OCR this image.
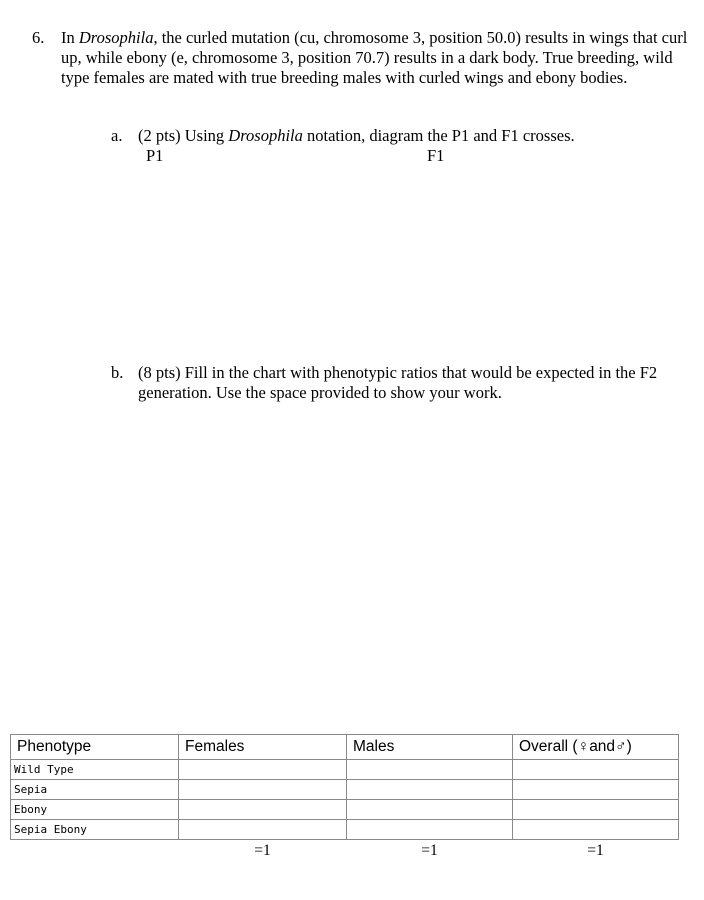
6. In Drosophila, the curled mutation (cu, chromosome 3, position 50.0) results in wings that curl up, while ebony (e, chromosome 3, position 70.7) results in a dark body. True breeding, wild type females are mated with true breeding males with curled wings and ebony bodies.
a. (2 pts) Using Drosophila notation, diagram the P1 and F1 crosses.
P1	F1
b. (8 pts) Fill in the chart with phenotypic ratios that would be expected in the F2 generation. Use the space provided to show your work.
Phenotype	Females	Males	Overall (♀and♂)
Wild Type			
Sepia			
Ebony			
Sepia Ebony			
	=1	=1	=1
